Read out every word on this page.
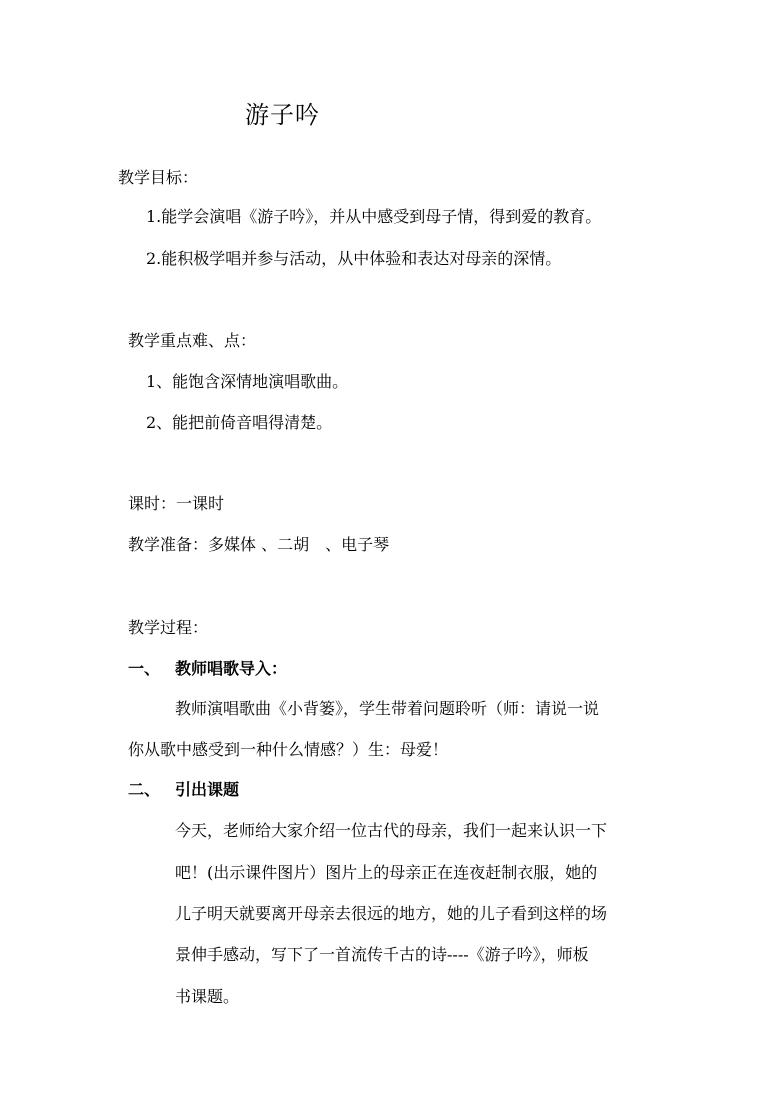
游子吟
教学目标：
1.能学会演唱《游子吟》，并从中感受到母子情，得到爱的教育。
2.能积极学唱并参与活动，从中体验和表达对母亲的深情。
教学重点难、点：
1、能饱含深情地演唱歌曲。
2、能把前倚音唱得清楚。
课时：一课时
教学准备：多媒体 、二胡　、电子琴
教学过程：
一、 教师唱歌导入：
教师演唱歌曲《小背篓》，学生带着问题聆听（师：请说一说
你从歌中感受到一种什么情感？）生：母爱！
二、 引出课题
今天，老师给大家介绍一位古代的母亲，我们一起来认识一下
吧！(出示课件图片）图片上的母亲正在连夜赶制衣服，她的
儿子明天就要离开母亲去很远的地方，她的儿子看到这样的场
景伸手感动，写下了一首流传千古的诗----《游子吟》，师板
书课题。
